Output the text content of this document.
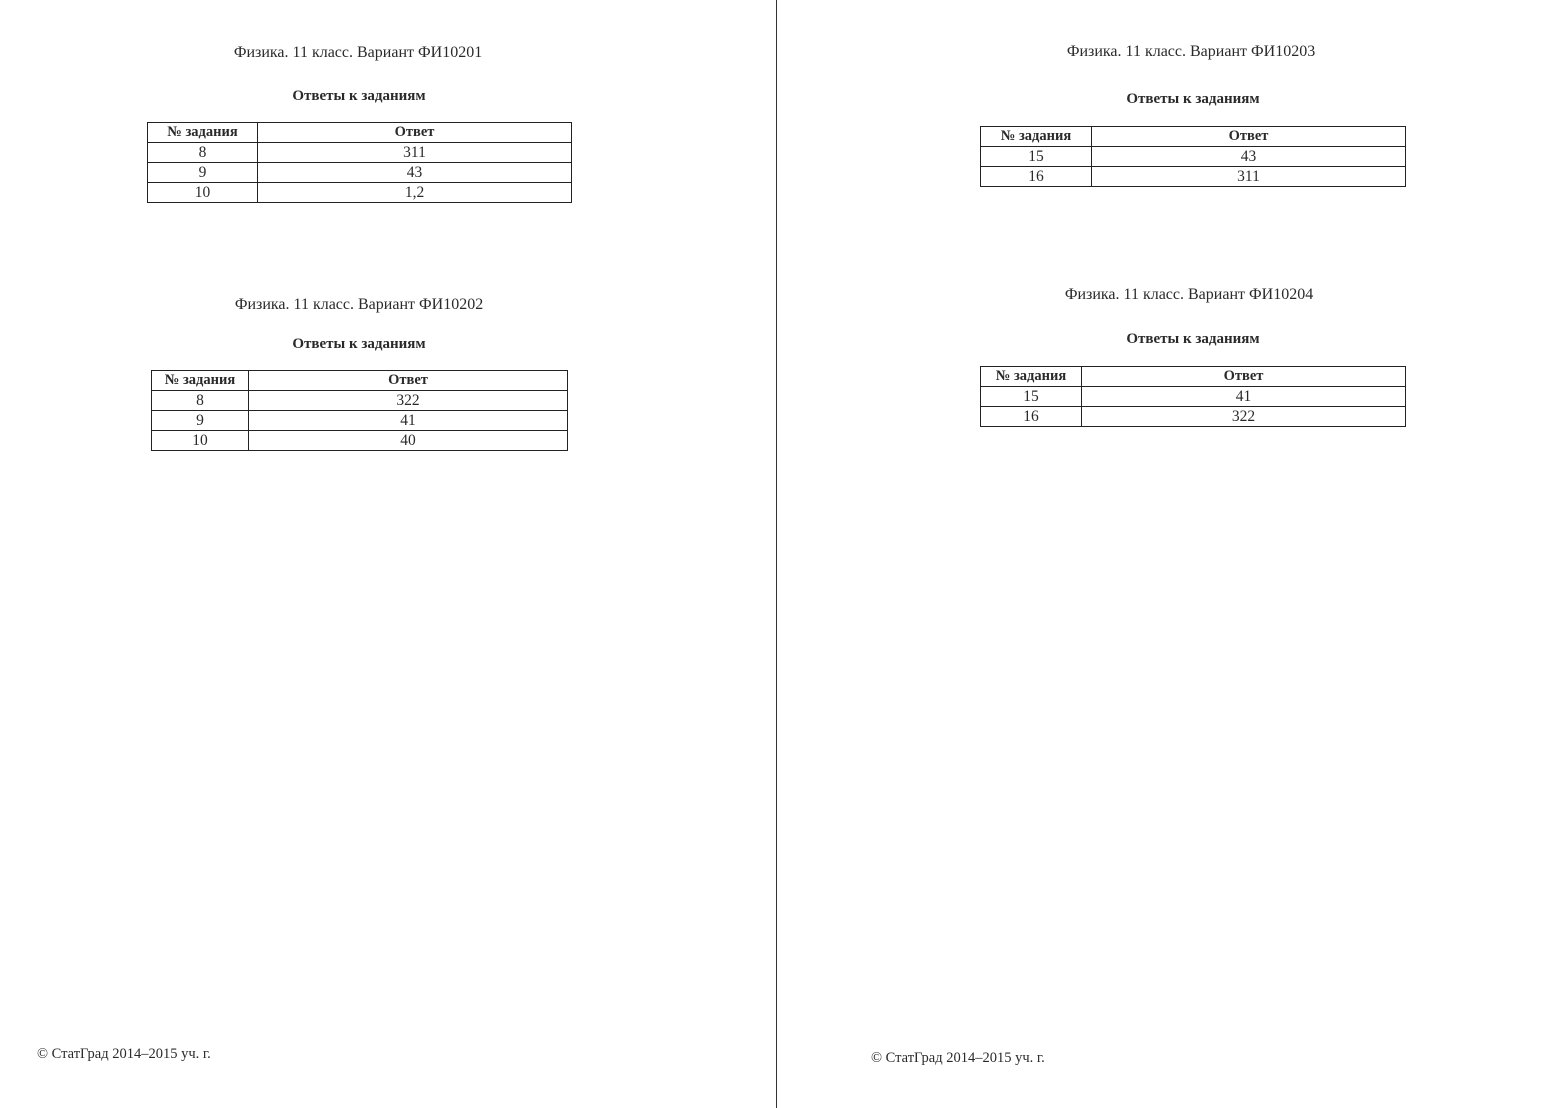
Физика. 11 класс. Вариант ФИ10201
Ответы к заданиям
№ задания	Ответ
8	311
9	43
10	1,2
Физика. 11 класс. Вариант ФИ10202
Ответы к заданиям
№ задания	Ответ
8	322
9	41
10	40
© СтатГрад 2014–2015 уч. г.
Физика. 11 класс. Вариант ФИ10203
Ответы к заданиям
№ задания	Ответ
15	43
16	311
Физика. 11 класс. Вариант ФИ10204
Ответы к заданиям
№ задания	Ответ
15	41
16	322
© СтатГрад 2014–2015 уч. г.
